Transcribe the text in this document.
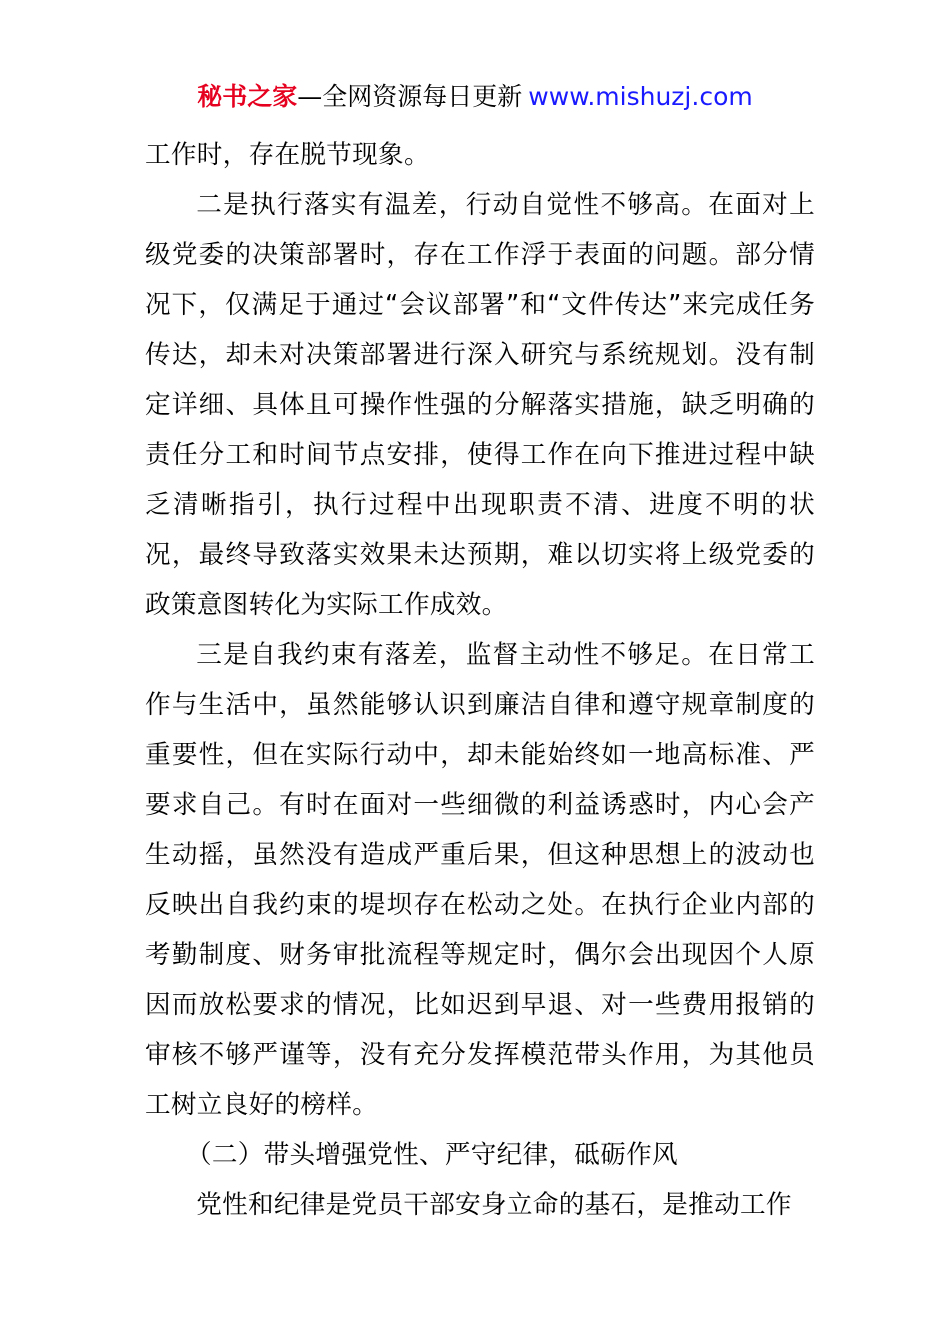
秘书之家—全网资源每日更新 www.mishuzj.com

工作时，存在脱节现象。

二是执行落实有温差，行动自觉性不够高。在面对上级党委的决策部署时，存在工作浮于表面的问题。部分情况下，仅满足于通过“会议部署”和“文件传达”来完成任务传达，却未对决策部署进行深入研究与系统规划。没有制定详细、具体且可操作性强的分解落实措施，缺乏明确的责任分工和时间节点安排，使得工作在向下推进过程中缺乏清晰指引，执行过程中出现职责不清、进度不明的状况，最终导致落实效果未达预期，难以切实将上级党委的政策意图转化为实际工作成效。

三是自我约束有落差，监督主动性不够足。在日常工作与生活中，虽然能够认识到廉洁自律和遵守规章制度的重要性，但在实际行动中，却未能始终如一地高标准、严要求自己。有时在面对一些细微的利益诱惑时，内心会产生动摇，虽然没有造成严重后果，但这种思想上的波动也反映出自我约束的堤坝存在松动之处。在执行企业内部的考勤制度、财务审批流程等规定时，偶尔会出现因个人原因而放松要求的情况，比如迟到早退、对一些费用报销的审核不够严谨等，没有充分发挥模范带头作用，为其他员工树立良好的榜样。

（二）带头增强党性、严守纪律，砥砺作风

党性和纪律是党员干部安身立命的基石，是推动工作
